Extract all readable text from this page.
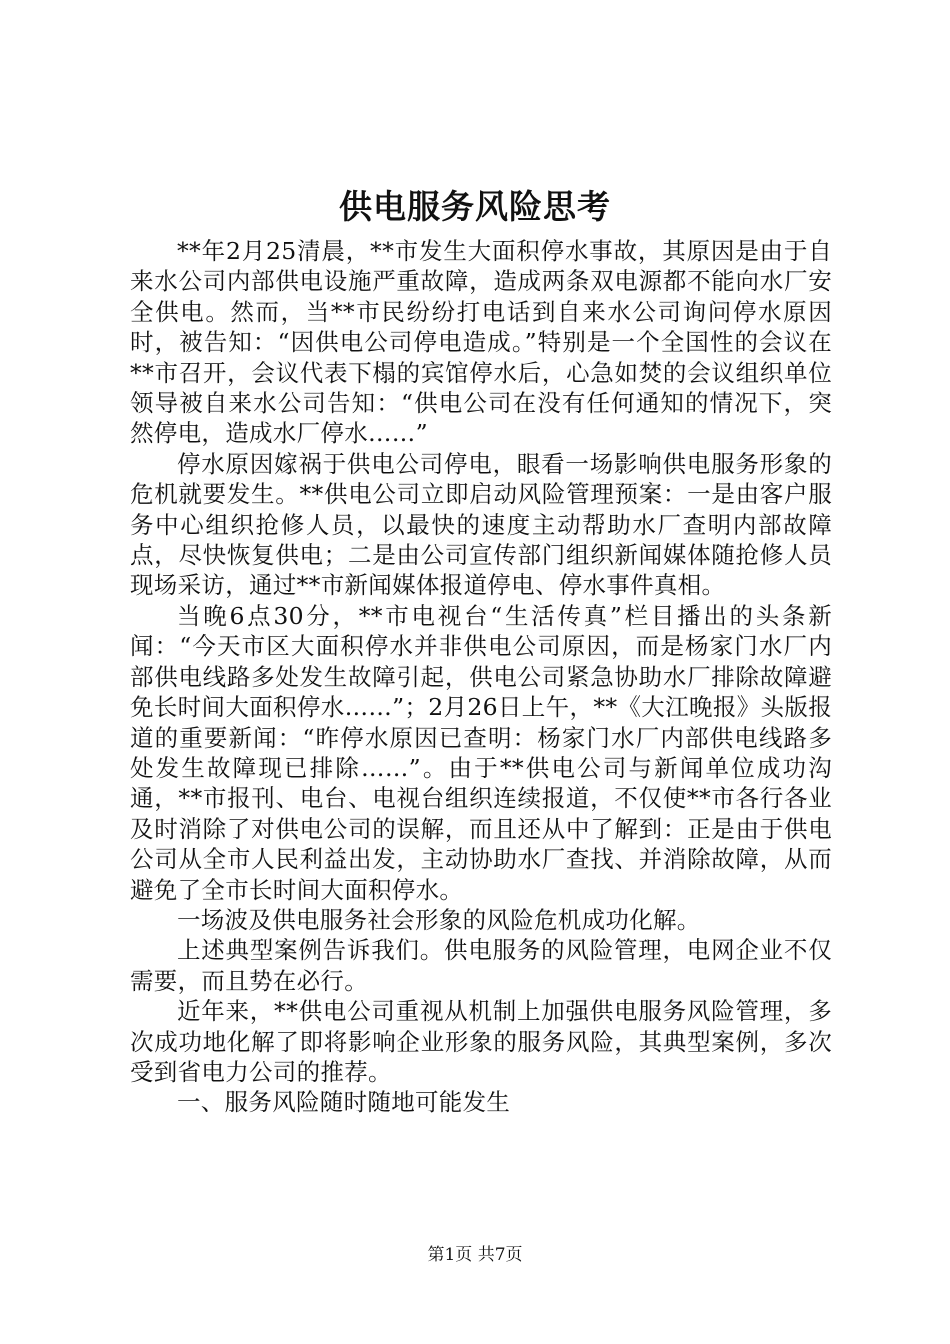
供电服务风险思考

**年2月25清晨，**市发生大面积停水事故，其原因是由于自来水公司内部供电设施严重故障，造成两条双电源都不能向水厂安全供电。然而，当**市民纷纷打电话到自来水公司询问停水原因时，被告知：“因供电公司停电造成。”特别是一个全国性的会议在**市召开，会议代表下榻的宾馆停水后，心急如焚的会议组织单位领导被自来水公司告知：“供电公司在没有任何通知的情况下，突然停电，造成水厂停水……”

停水原因嫁祸于供电公司停电，眼看一场影响供电服务形象的危机就要发生。**供电公司立即启动风险管理预案：一是由客户服务中心组织抢修人员，以最快的速度主动帮助水厂查明内部故障点，尽快恢复供电；二是由公司宣传部门组织新闻媒体随抢修人员现场采访，通过**市新闻媒体报道停电、停水事件真相。

当晚6点30分，**市电视台“生活传真”栏目播出的头条新闻：“今天市区大面积停水并非供电公司原因，而是杨家门水厂内部供电线路多处发生故障引起，供电公司紧急协助水厂排除故障避免长时间大面积停水……”；2月26日上午，**《大江晚报》头版报道的重要新闻：“昨停水原因已查明：杨家门水厂内部供电线路多处发生故障现已排除……”。由于**供电公司与新闻单位成功沟通，**市报刊、电台、电视台组织连续报道，不仅使**市各行各业及时消除了对供电公司的误解，而且还从中了解到：正是由于供电公司从全市人民利益出发，主动协助水厂查找、并消除故障，从而避免了全市长时间大面积停水。

一场波及供电服务社会形象的风险危机成功化解。

上述典型案例告诉我们。供电服务的风险管理，电网企业不仅需要，而且势在必行。

近年来，**供电公司重视从机制上加强供电服务风险管理，多次成功地化解了即将影响企业形象的服务风险，其典型案例，多次受到省电力公司的推荐。

一、服务风险随时随地可能发生

第1页 共7页
